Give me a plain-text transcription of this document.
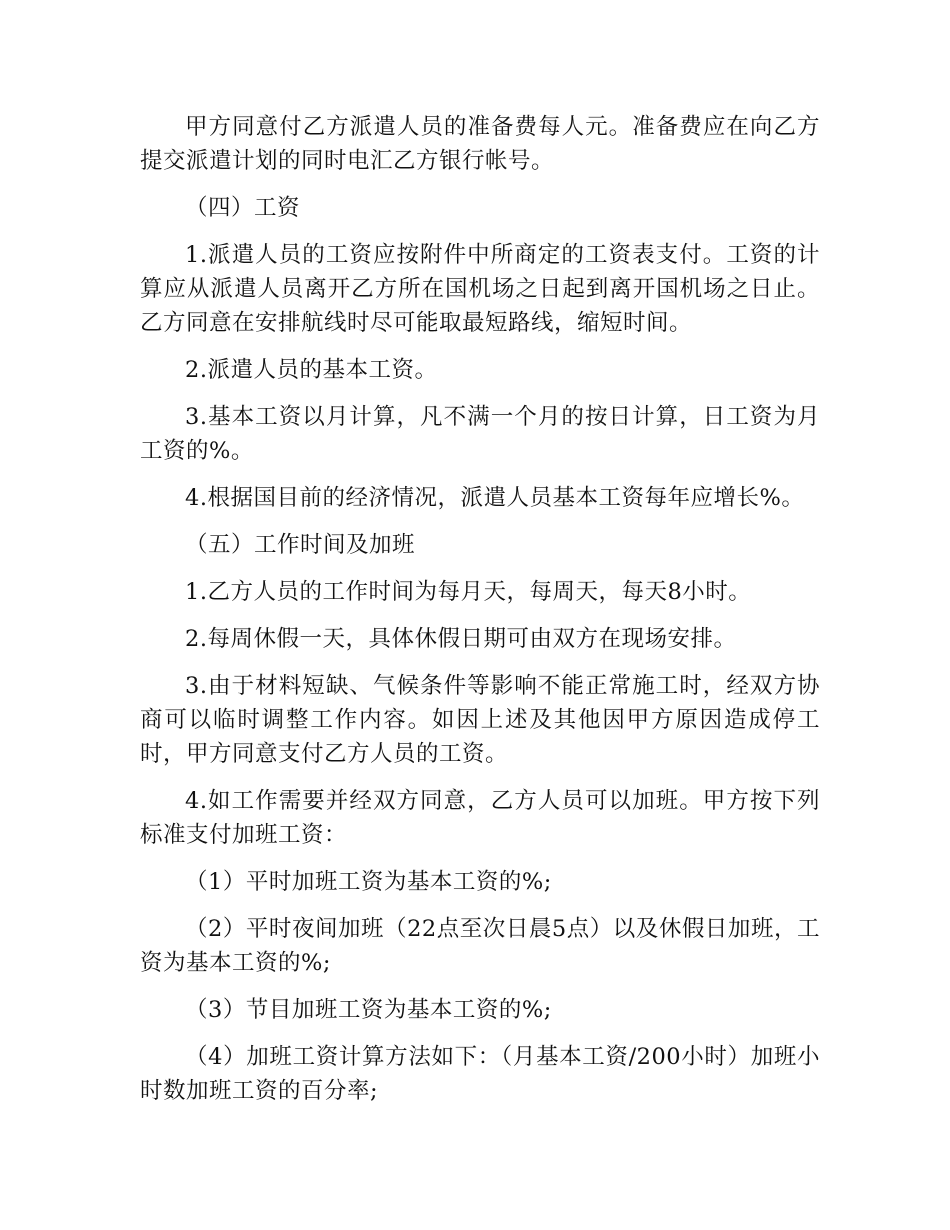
甲方同意付乙方派遣人员的准备费每人元。准备费应在向乙方提交派遣计划的同时电汇乙方银行帐号。

（四）工资

1.派遣人员的工资应按附件中所商定的工资表支付。工资的计算应从派遣人员离开乙方所在国机场之日起到离开国机场之日止。乙方同意在安排航线时尽可能取最短路线，缩短时间。

2.派遣人员的基本工资。

3.基本工资以月计算，凡不满一个月的按日计算，日工资为月工资的%。

4.根据国目前的经济情况，派遣人员基本工资每年应增长%。

（五）工作时间及加班

1.乙方人员的工作时间为每月天，每周天，每天8小时。

2.每周休假一天，具体休假日期可由双方在现场安排。

3.由于材料短缺、气候条件等影响不能正常施工时，经双方协商可以临时调整工作内容。如因上述及其他因甲方原因造成停工时，甲方同意支付乙方人员的工资。

4.如工作需要并经双方同意，乙方人员可以加班。甲方按下列标准支付加班工资：

（1）平时加班工资为基本工资的%;

（2）平时夜间加班（22点至次日晨5点）以及休假日加班，工资为基本工资的%;

（3）节目加班工资为基本工资的%;

（4）加班工资计算方法如下：（月基本工资/200小时）加班小时数加班工资的百分率;
